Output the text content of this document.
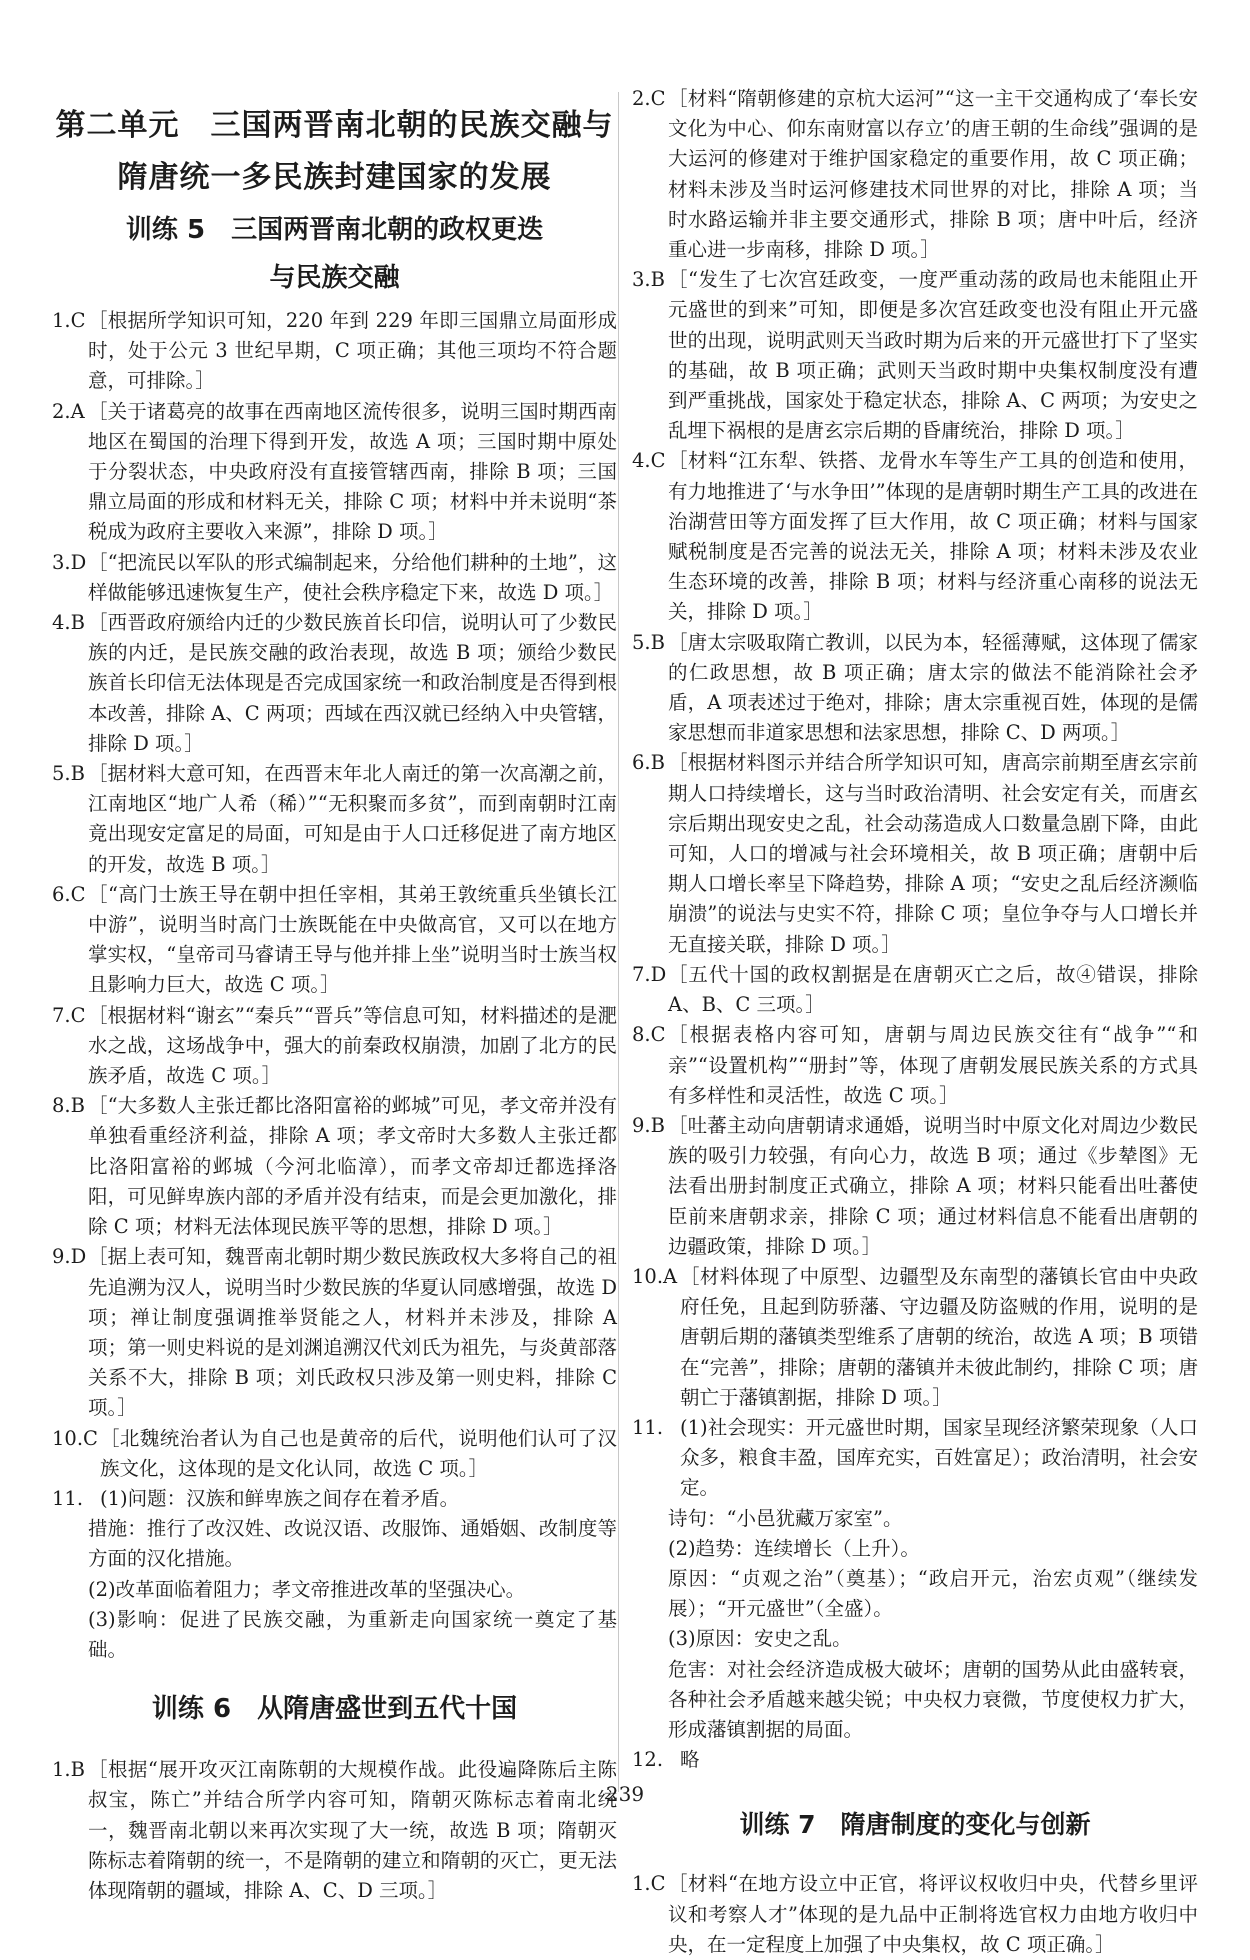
第二单元　三国两晋南北朝的民族交融与
隋唐统一多民族封建国家的发展
训练 5　三国两晋南北朝的政权更迭
与民族交融
1.C ［根据所学知识可知，220 年到 229 年即三国鼎立局面形成时，处于公元 3 世纪早期，C 项正确；其他三项均不符合题意，可排除。］
2.A ［关于诸葛亮的故事在西南地区流传很多，说明三国时期西南地区在蜀国的治理下得到开发，故选 A 项；三国时期中原处于分裂状态，中央政府没有直接管辖西南，排除 B 项；三国鼎立局面的形成和材料无关，排除 C 项；材料中并未说明“茶税成为政府主要收入来源”，排除 D 项。］
3.D ［“把流民以军队的形式编制起来，分给他们耕种的土地”，这样做能够迅速恢复生产，使社会秩序稳定下来，故选 D 项。］
4.B ［西晋政府颁给内迁的少数民族首长印信，说明认可了少数民族的内迁，是民族交融的政治表现，故选 B 项；颁给少数民族首长印信无法体现是否完成国家统一和政治制度是否得到根本改善，排除 A、C 两项；西域在西汉就已经纳入中央管辖，排除 D 项。］
5.B ［据材料大意可知，在西晋末年北人南迁的第一次高潮之前，江南地区“地广人希（稀）”“无积聚而多贫”，而到南朝时江南竟出现安定富足的局面，可知是由于人口迁移促进了南方地区的开发，故选 B 项。］
6.C ［“高门士族王导在朝中担任宰相，其弟王敦统重兵坐镇长江中游”，说明当时高门士族既能在中央做高官，又可以在地方掌实权，“皇帝司马睿请王导与他并排上坐”说明当时士族当权且影响力巨大，故选 C 项。］
7.C ［根据材料“谢玄”“秦兵”“晋兵”等信息可知，材料描述的是淝水之战，这场战争中，强大的前秦政权崩溃，加剧了北方的民族矛盾，故选 C 项。］
8.B ［“大多数人主张迁都比洛阳富裕的邺城”可见，孝文帝并没有单独看重经济利益，排除 A 项；孝文帝时大多数人主张迁都比洛阳富裕的邺城（今河北临漳），而孝文帝却迁都选择洛阳，可见鲜卑族内部的矛盾并没有结束，而是会更加激化，排除 C 项；材料无法体现民族平等的思想，排除 D 项。］
9.D ［据上表可知，魏晋南北朝时期少数民族政权大多将自己的祖先追溯为汉人，说明当时少数民族的华夏认同感增强，故选 D 项；禅让制度强调推举贤能之人，材料并未涉及，排除 A 项；第一则史料说的是刘渊追溯汉代刘氏为祖先，与炎黄部落关系不大，排除 B 项；刘氏政权只涉及第一则史料，排除 C 项。］
10.C ［北魏统治者认为自己也是黄帝的后代，说明他们认可了汉族文化，这体现的是文化认同，故选 C 项。］
11. (1)问题：汉族和鲜卑族之间存在着矛盾。
措施：推行了改汉姓、改说汉语、改服饰、通婚姻、改制度等方面的汉化措施。
(2)改革面临着阻力；孝文帝推进改革的坚强决心。
(3)影响：促进了民族交融，为重新走向国家统一奠定了基础。
训练 6　从隋唐盛世到五代十国
1.B ［根据“展开攻灭江南陈朝的大规模作战。此役遍降陈后主陈叔宝，陈亡”并结合所学内容可知，隋朝灭陈标志着南北统一，魏晋南北朝以来再次实现了大一统，故选 B 项；隋朝灭陈标志着隋朝的统一，不是隋朝的建立和隋朝的灭亡，更无法体现隋朝的疆域，排除 A、C、D 三项。］
2.C ［材料“隋朝修建的京杭大运河”“这一主干交通构成了‘奉长安文化为中心、仰东南财富以存立’的唐王朝的生命线”强调的是大运河的修建对于维护国家稳定的重要作用，故 C 项正确；材料未涉及当时运河修建技术同世界的对比，排除 A 项；当时水路运输并非主要交通形式，排除 B 项；唐中叶后，经济重心进一步南移，排除 D 项。］
3.B ［“发生了七次宫廷政变，一度严重动荡的政局也未能阻止开元盛世的到来”可知，即便是多次宫廷政变也没有阻止开元盛世的出现，说明武则天当政时期为后来的开元盛世打下了坚实的基础，故 B 项正确；武则天当政时期中央集权制度没有遭到严重挑战，国家处于稳定状态，排除 A、C 两项；为安史之乱埋下祸根的是唐玄宗后期的昏庸统治，排除 D 项。］
4.C ［材料“江东犁、铁搭、龙骨水车等生产工具的创造和使用，有力地推进了‘与水争田’”体现的是唐朝时期生产工具的改进在治湖营田等方面发挥了巨大作用，故 C 项正确；材料与国家赋税制度是否完善的说法无关，排除 A 项；材料未涉及农业生态环境的改善，排除 B 项；材料与经济重心南移的说法无关，排除 D 项。］
5.B ［唐太宗吸取隋亡教训，以民为本，轻徭薄赋，这体现了儒家的仁政思想，故 B 项正确；唐太宗的做法不能消除社会矛盾，A 项表述过于绝对，排除；唐太宗重视百姓，体现的是儒家思想而非道家思想和法家思想，排除 C、D 两项。］
6.B ［根据材料图示并结合所学知识可知，唐高宗前期至唐玄宗前期人口持续增长，这与当时政治清明、社会安定有关，而唐玄宗后期出现安史之乱，社会动荡造成人口数量急剧下降，由此可知，人口的增减与社会环境相关，故 B 项正确；唐朝中后期人口增长率呈下降趋势，排除 A 项；“安史之乱后经济濒临崩溃”的说法与史实不符，排除 C 项；皇位争夺与人口增长并无直接关联，排除 D 项。］
7.D ［五代十国的政权割据是在唐朝灭亡之后，故④错误，排除 A、B、C 三项。］
8.C ［根据表格内容可知，唐朝与周边民族交往有“战争”“和亲”“设置机构”“册封”等，体现了唐朝发展民族关系的方式具有多样性和灵活性，故选 C 项。］
9.B ［吐蕃主动向唐朝请求通婚，说明当时中原文化对周边少数民族的吸引力较强，有向心力，故选 B 项；通过《步辇图》无法看出册封制度正式确立，排除 A 项；材料只能看出吐蕃使臣前来唐朝求亲，排除 C 项；通过材料信息不能看出唐朝的边疆政策，排除 D 项。］
10.A ［材料体现了中原型、边疆型及东南型的藩镇长官由中央政府任免，且起到防骄藩、守边疆及防盗贼的作用，说明的是唐朝后期的藩镇类型维系了唐朝的统治，故选 A 项；B 项错在“完善”，排除；唐朝的藩镇并未彼此制约，排除 C 项；唐朝亡于藩镇割据，排除 D 项。］
11. (1)社会现实：开元盛世时期，国家呈现经济繁荣现象（人口众多，粮食丰盈，国库充实，百姓富足）；政治清明，社会安定。
诗句：“小邑犹藏万家室”。
(2)趋势：连续增长（上升）。
原因：“贞观之治”（奠基）；“政启开元，治宏贞观”（继续发展）；“开元盛世”（全盛）。
(3)原因：安史之乱。
危害：对社会经济造成极大破坏；唐朝的国势从此由盛转衰，各种社会矛盾越来越尖锐；中央权力衰微，节度使权力扩大，形成藩镇割据的局面。
12. 略
训练 7　隋唐制度的变化与创新
1.C ［材料“在地方设立中正官，将评议权收归中央，代替乡里评议和考察人才”体现的是九品中正制将选官权力由地方收归中央，在一定程度上加强了中央集权，故 C 项正确。］
239
